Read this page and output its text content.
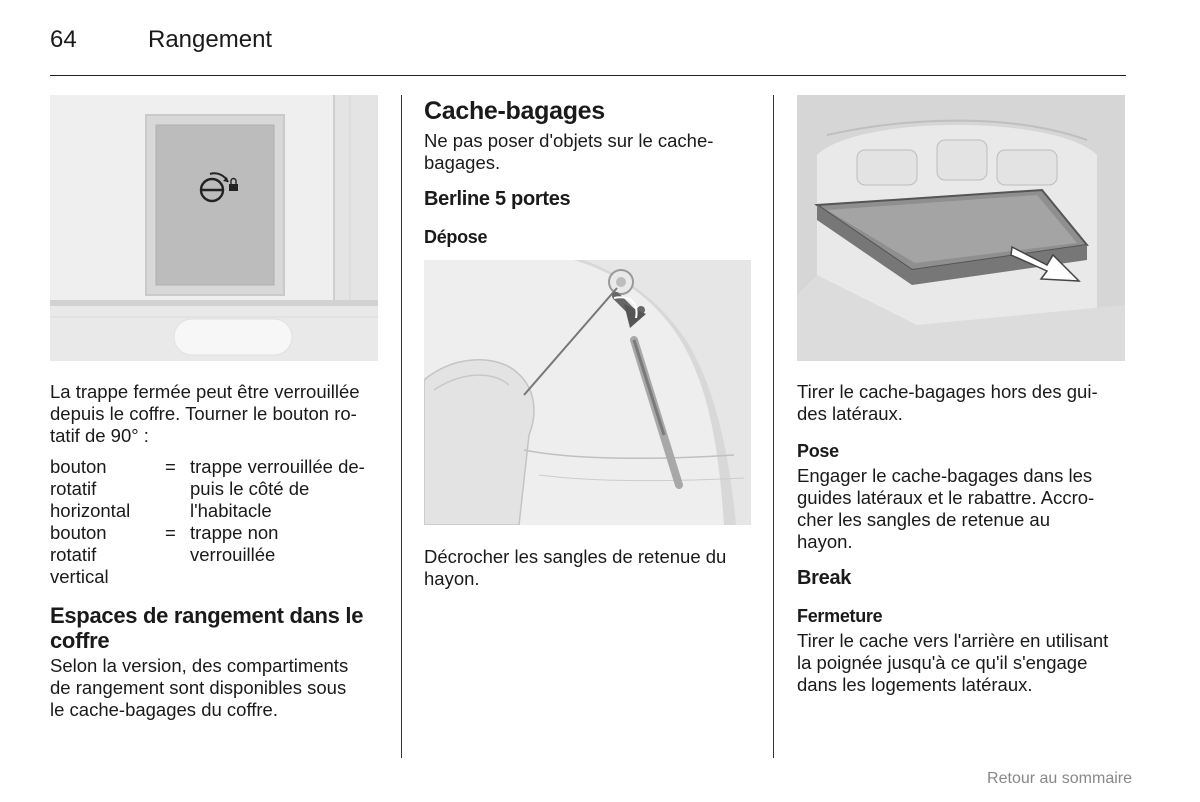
64	Rangement
La trappe fermée peut être verrouillée
depuis le coffre. Tourner le bouton ro-
tatif de 90° :
bouton
rotatif
horizontal
= trappe verrouillée de-
puis le côté de
l'habitacle
bouton
rotatif
vertical
= trappe non
verrouillée
Espaces de rangement dans le
coffre
Selon la version, des compartiments
de rangement sont disponibles sous
le cache-bagages du coffre.
Cache-bagages
Ne pas poser d'objets sur le cache-
bagages.
Berline 5 portes
Dépose
Décrocher les sangles de retenue du
hayon.
Tirer le cache-bagages hors des gui-
des latéraux.
Pose
Engager le cache-bagages dans les
guides latéraux et le rabattre. Accro-
cher les sangles de retenue au
hayon.
Break
Fermeture
Tirer le cache vers l'arrière en utilisant
la poignée jusqu'à ce qu'il s'engage
dans les logements latéraux.
Retour au sommaire
